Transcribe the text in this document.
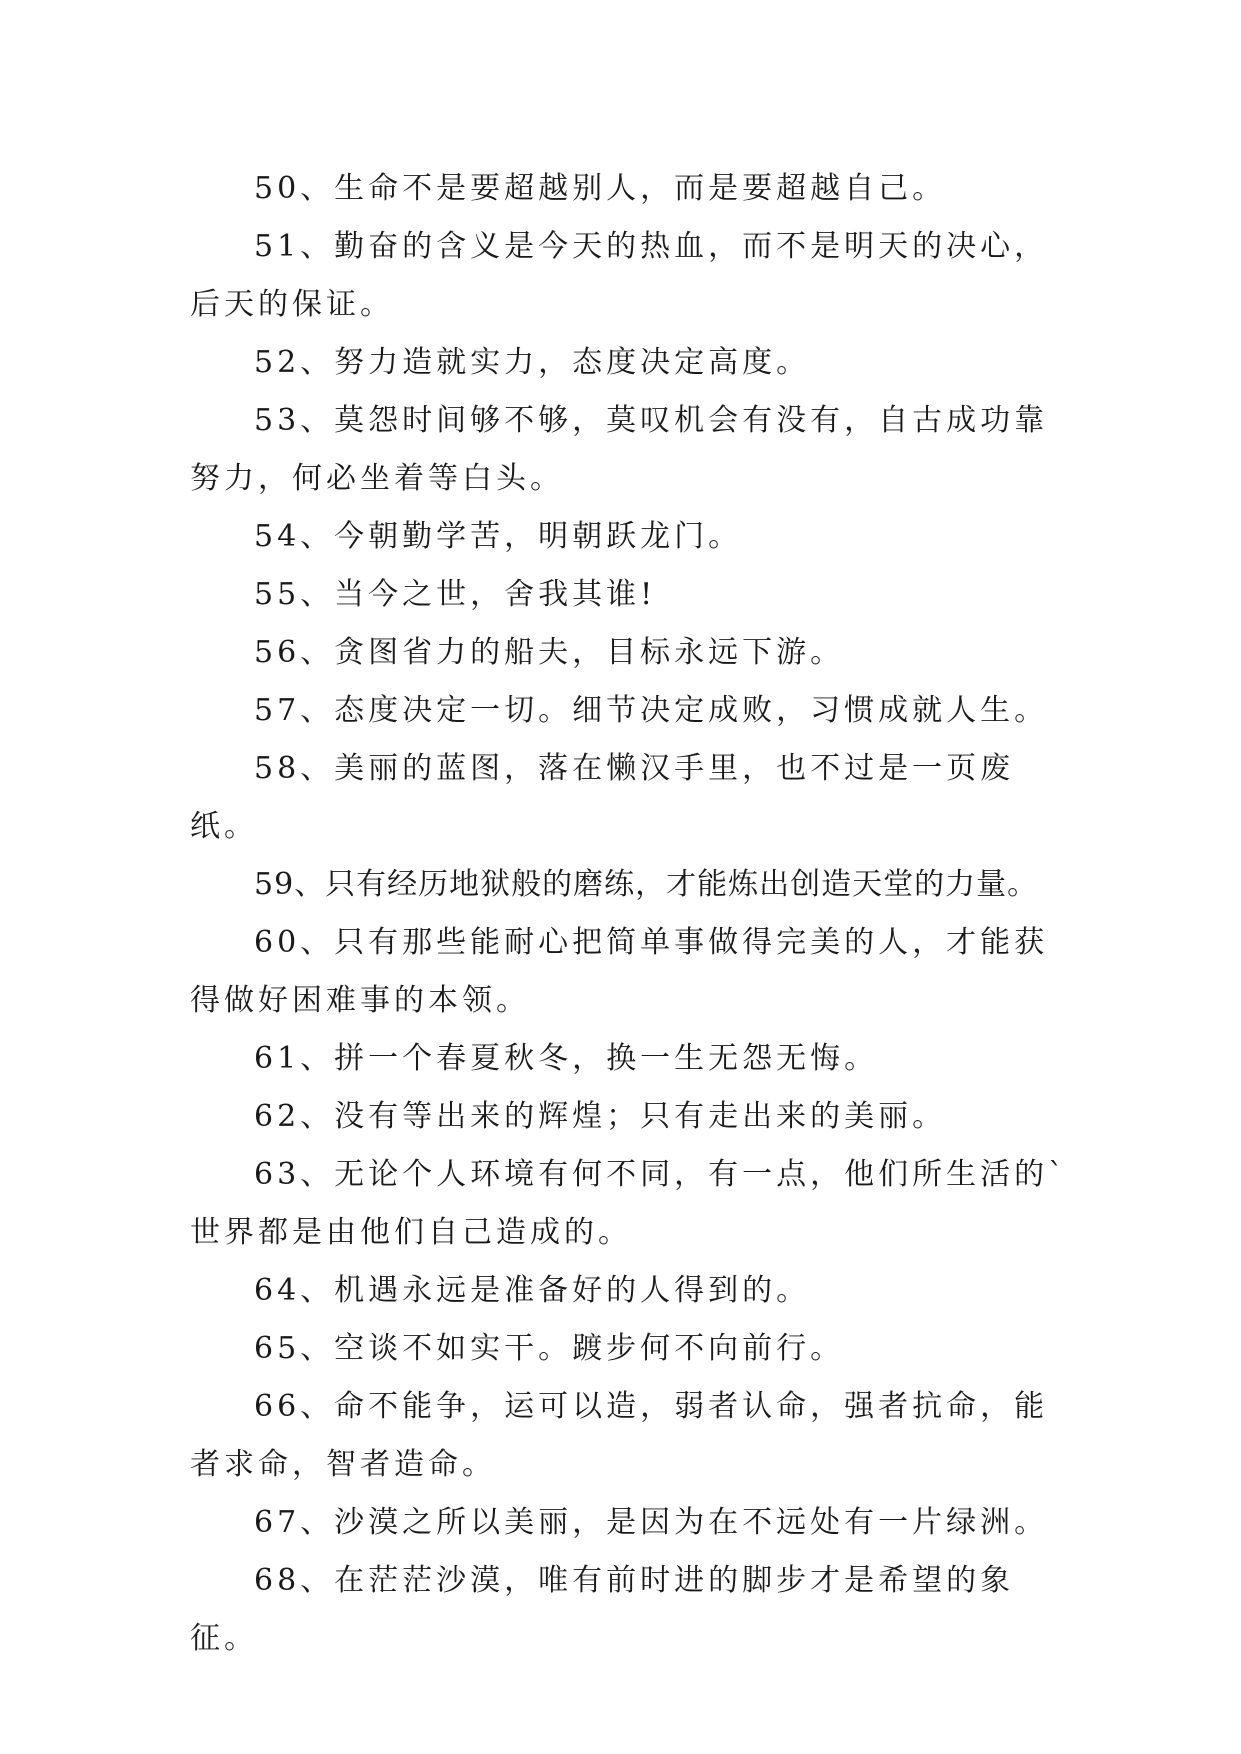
50、生命不是要超越别人，而是要超越自己。

51、勤奋的含义是今天的热血，而不是明天的决心，后天的保证。

52、努力造就实力，态度决定高度。

53、莫怨时间够不够，莫叹机会有没有，自古成功靠努力，何必坐着等白头。

54、今朝勤学苦，明朝跃龙门。

55、当今之世，舍我其谁!

56、贪图省力的船夫，目标永远下游。

57、态度决定一切。细节决定成败，习惯成就人生。

58、美丽的蓝图，落在懒汉手里，也不过是一页废纸。

59、只有经历地狱般的磨练，才能炼出创造天堂的力量。

60、只有那些能耐心把简单事做得完美的人，才能获得做好困难事的本领。

61、拼一个春夏秋冬，换一生无怨无悔。

62、没有等出来的辉煌；只有走出来的美丽。

63、无论个人环境有何不同，有一点，他们所生活的`世界都是由他们自己造成的。

64、机遇永远是准备好的人得到的。

65、空谈不如实干。踱步何不向前行。

66、命不能争，运可以造，弱者认命，强者抗命，能者求命，智者造命。

67、沙漠之所以美丽，是因为在不远处有一片绿洲。

68、在茫茫沙漠，唯有前时进的脚步才是希望的象征。
